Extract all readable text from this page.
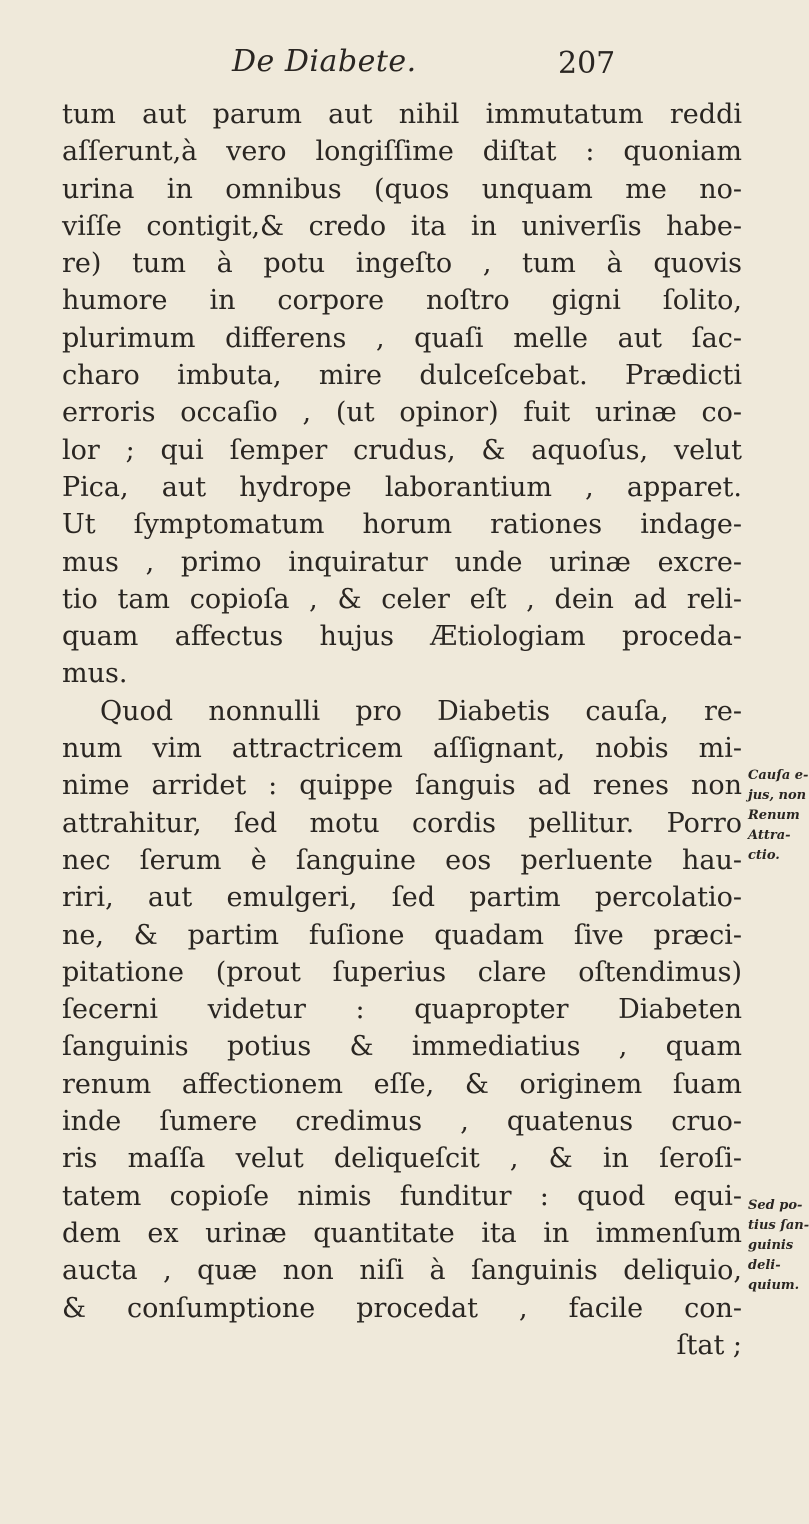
De Diabete.	207
tum aut parum aut nihil immutatum reddi
aſſerunt,à vero longiſſime diſtat : quoniam
urina in omnibus (quos unquam me no-
viſſe contigit,& credo ita in univerſis habe-
re) tum à potu ingeſto , tum à quovis
humore in corpore noſtro gigni ſolito,
plurimum differens , quaſi melle aut ſac-
charo imbuta, mire dulceſcebat. Prædicti
erroris occaſio , (ut opinor) fuit urinæ co-
lor ; qui ſemper crudus, & aquoſus, velut
Pica, aut hydrope laborantium , apparet.
Ut ſymptomatum horum rationes indage-
mus , primo inquiratur unde urinæ excre-
tio tam copioſa , & celer eſt , dein ad reli-
quam affectus hujus Ætiologiam proceda-
mus.
Quod nonnulli pro Diabetis cauſa, re-
num vim attractricem aſſignant, nobis mi-
nime arridet : quippe ſanguis ad renes non
attrahitur, ſed motu cordis pellitur. Porro
nec ſerum è ſanguine eos perluente hau-
riri, aut emulgeri, ſed partim percolatio-
ne, & partim fuſione quadam ſive præci-
pitatione (prout ſuperius clare oſtendimus)
ſecerni videtur : quapropter Diabeten
ſanguinis potius & immediatius , quam
renum affectionem eſſe, & originem ſuam
inde ſumere credimus , quatenus cruo-
ris maſſa velut deliqueſcit , & in ſeroſi-
tatem copioſe nimis funditur : quod equi-
dem ex urinæ quantitate ita in immenſum
aucta , quæ non niſi à ſanguinis deliquio,
& conſumptione procedat , facile con-
ſtat ;
Cauſa e-
jus, non
Renum
Attra-
ctio.
Sed po-
tius ſan-
guinis
deli-
quium.
